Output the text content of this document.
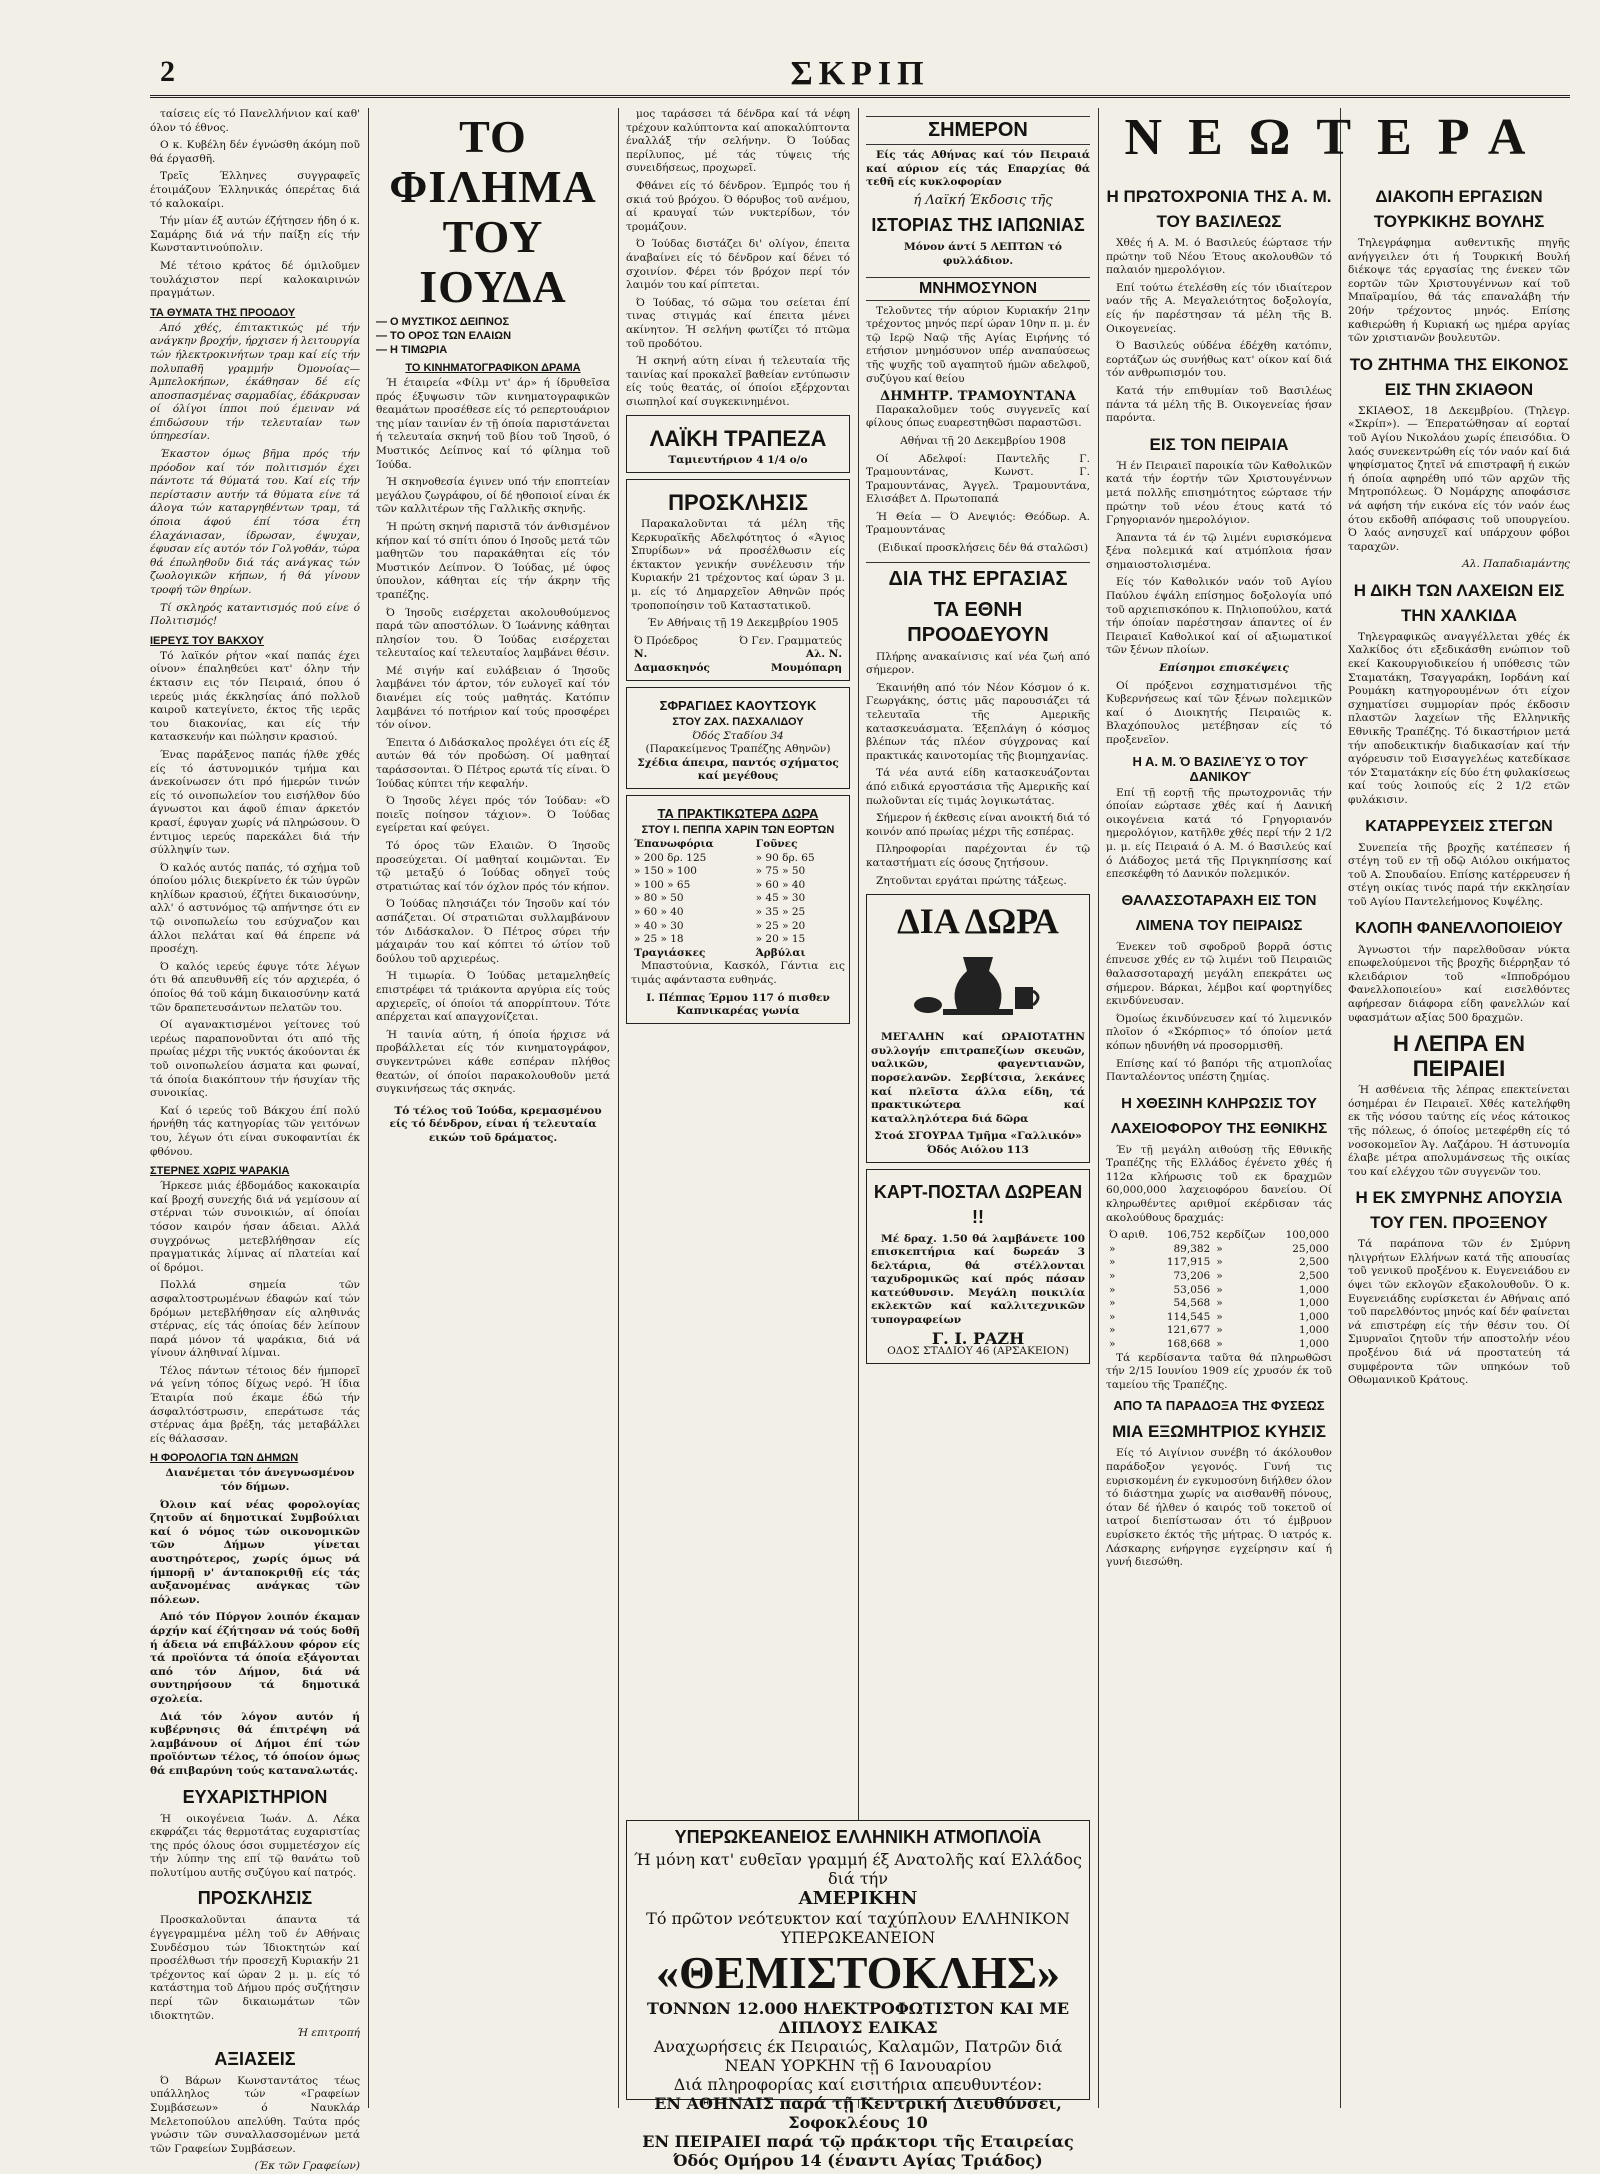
2	ΣΚΡΙΠ

ταίσεις είς τό Πανελλήνιον καί καθ' όλον τό έθνος.

Ο κ. Κυβέλη δέν έγνώσθη άκόμη ποῦ θά έργασθῆ.

Τρεῖς Έλληνες συγγραφεῖς έτοιμάζουν Έλληνικάς όπερέτας διά τό καλοκαίρι.

Τήν μίαν έξ αυτών έζήτησεν ήδη ό κ. Σαμάρης διά νά τήν παίξη είς τήν Κωνσταντινούπολιν.

Μέ τέτοιο κράτος δέ όμιλοῦμεν τουλάχιστον περί καλοκαιρινών πραγμάτων.

ΤΑ ΘΥΜΑΤΑ ΤΗΣ ΠΡΟΟΔΟΥ

Από χθές, έπιτακτικώς μέ τήν ανάγκην βροχήν, ήρχισεν ή λειτουργία τών ήλεκτροκινήτων τραμ καί είς τήν πολυπαθῆ γραμμήν Όμονοίας—Άμπελοκήπων, έκάθησαν δέ είς αποσπασμένας σαρμαδίας, έδάκρυσαν οί όλίγοι ίπποι πού έμειναν νά έπιδώσουν τήν τελευταίαν των ύπηρεσίαν.

Έκαστον όμως βῆμα πρός τήν πρόοδον καί τόν πολιτισμόν έχει πάντοτε τά θύματά του. Καί είς τήν περίστασιν αυτήν τά θύματα είνε τά άλογα τών καταργηθέντων τραμ, τά όποια άφού έπί τόσα έτη έλαχάνιασαν, ίδρωσαν, έψυχαν, έφυσαν είς αυτόν τόν Γολγοθάν, τώρα θά έπωληθοῦν διά τάς ανάγκας τών ζωολογικῶν κήπων, ή θά γίνουν τροφή τῶν θηρίων.

Τί σκληρός καταντισμός πού είνε ό Πολιτισμός!

ΙΕΡΕΥΣ ΤΟΥ ΒΑΚΧΟΥ

Τό λαϊκόν ρήτον «καί παπάς έχει οίνον» έπαληθεύει κατ' όλην τήν έκτασιν εις τόν Πειραιά, όπου ό ιερεύς μιάς έκκλησίας άπό πολλοῦ καιροῦ κατεγίνετο, έκτος τῆς ιερᾶς του διακονίας, και είς τήν κατασκευήν και πώλησιν κρασιού.

Ένας παράξενος παπάς ήλθε χθές είς τό άστυνομικόν τμήμα και άνεκοίνωσεν ότι πρό ήμερών τινών είς τό οινοπωλείον του εισήλθον δύο άγνωστοι και άφοῦ έπιαν άρκετόν κρασί, έφυγαν χωρίς νά πληρώσουν. Ό έντιμος ιερεύς παρεκάλει διά τήν σύλληψίν των.

Ό καλός αυτός παπάς, τό σχήμα τοῦ όποίου μόλις διεκρίνετο έκ τών ύγρῶν κηλίδων κρασιού, έζήτει δικαιοσύνην, αλλ' ό αστυνόμος τῷ απήντησε ότι εν τῷ οινοπωλείω του εσύχναζον και άλλοι πελάται καί θά έπρεπε νά προσέχη.

Ό καλός ιερεύς έφυγε τότε λέγων ότι θά απευθυνθῆ είς τόν αρχιερέα, ό όποίος θά τοῦ κάμη δικαιοσύνην κατά τῶν δραπετευσάντων πελατῶν του.

Οί αγανακτισμένοι γείτονες τού ιερέως παραπονοῦνται ότι από τῆς πρωίας μέχρι τῆς νυκτός άκούονται έκ τοῦ οινοπωλείου άσματα και φωναί, τά όποία διακόπτουν τήν ήσυχίαν τῆς συνοικίας.

Καί ό ιερεύς τοῦ Βάκχου έπί πολύ ήρνήθη τάς κατηγορίας τῶν γειτόνων του, λέγων ότι είναι συκοφαντίαι έκ φθόνου.

ΣΤΕΡΝΕΣ ΧΩΡΙΣ ΨΑΡΑΚΙΑ

Ήρκεσε μιάς έβδομάδος κακοκαιρία καί βροχή συνεχής διά νά γεμίσουν αί στέρναι τών συνοικιών, αί όποίαι τόσον καιρόν ήσαν άδειαι. Αλλά συγχρόνως μετεβλήθησαν είς πραγματικάς λίμνας αί πλατείαι καί οί δρόμοι.

Πολλά σημεία τῶν ασφαλτοστρωμένων έδαφών καί τών δρόμων μετεβλήθησαν είς αληθινάς στέρνας, είς τάς όποίας δέν λείπουν παρά μόνον τά ψαράκια, διά νά γίνουν άληθιναί λίμναι.

Τέλος πάντων τέτοιος δέν ήμπορεῖ νά γείνη τόπος δίχως νερό. Ή ίδια Έταιρία πού έκαμε έδώ τήν άσφαλτόστρωσιν, επεράτωσε τάς στέρνας άμα βρέξη, τάς μεταβάλλει είς θάλασσαν.

Η ΦΟΡΟΛΟΓΙΑ ΤΩΝ ΔΗΜΩΝ

Διανέμεται τόν άνεγνωσμένον τόν δήμων.

Όλοιν καί νέας φορολογίας ζητοῦν αί δημοτικαί Συμβούλιαι καί ό νόμος τών οικονομικῶν τῶν Δήμων γίνεται αυστηρότερος, χωρίς όμως νά ήμπορῇ ν' άνταποκριθῇ είς τάς αυξανομένας ανάγκας τῶν πόλεων.

Από τόν Πύργον λοιπόν έκαμαν άρχήν καί έζήτησαν νά τούς δοθῆ ή άδεια νά επιβάλλουν φόρον είς τά προϊόντα τά όποία εξάγονται από τόν Δήμον, διά νά συντηρήσουν τά δημοτικά σχολεία.

Διά τόν λόγον αυτόν ή κυβέρνησις θά έπιτρέψη νά λαμβάνουν οί Δήμοι έπί τών προϊόντων τέλος, τό όποίον όμως θά επιβαρύνη τούς καταναλωτάς.

ΕΥΧΑΡΙΣΤΗΡΙΟΝ

Ή οικογένεια Ίωάν. Δ. Λέκα εκφράζει τάς θερμοτάτας ευχαριστίας της πρός όλους όσοι συμμετέσχον είς τήν λύπην της επί τῷ θανάτω τοῦ πολυτίμου αυτῆς συζύγου καί πατρός.

ΠΡΟΣΚΛΗΣΙΣ

Προσκαλοῦνται άπαντα τά έγγεγραμμένα μέλη τοῦ έν Αθήναις Συνδέσμου τών Ίδιοκτητών καί προσέλθωσι τήν προσεχῆ Κυριακήν 21 τρέχοντος καί ώραν 2 μ. μ. είς τό κατάστημα τοῦ Δήμου πρός συζήτησιν περί τῶν δικαιωμάτων τῶν ιδιοκτητῶν.

Ή επιτροπή

ΑΞΙΑΣΕΙΣ

Ό Βάρων Κωνσταντάτος τέως υπάλληλος τών «Γραφείων Συμβάσεων» ό Ναυκλάρ Μελετοπούλου απελύθη. Ταύτα πρός γνώσιν τῶν συναλλασσομένων μετά τῶν Γραφείων Συμβάσεων.

(Έκ τῶν Γραφείων)

ΤΟ ΦΙΛΗΜΑ ΤΟΥ ΙΟΥΔΑ
— Ο ΜΥΣΤΙΚΟΣ ΔΕΙΠΝΟΣ
— ΤΟ ΟΡΟΣ ΤΩΝ ΕΛΑΙΩΝ
— Η ΤΙΜΩΡΙΑ
ΤΟ ΚΙΝΗΜΑΤΟΓΡΑΦΙΚΟΝ ΔΡΑΜΑ

Ή έταιρεία «Φίλμ ντ' άρ» ή ίδρυθεῖσα πρός έξυψωσιν τῶν κινηματογραφικῶν θεαμάτων προσέθεσε είς τό ρεπερτουάριον της μίαν ταινίαν έν τῇ όποία παριστάνεται ή τελευταία σκηνή τοῦ βίου τοῦ Ίησοῦ, ό Μυστικός Δείπνος καί τό φίλημα τοῦ Ίούδα.

Ή σκηνοθεσία έγινεν υπό τήν εποπτείαν μεγάλου ζωγράφου, οί δέ ηθοποιοί είναι έκ τῶν καλλιτέρων τῆς Γαλλικῆς σκηνῆς.

Ή πρώτη σκηνή παριστᾶ τόν άνθισμένον κήπον καί τό σπίτι όπου ό Ιησοῦς μετά τῶν μαθητῶν του παρακάθηται είς τόν Μυστικόν Δείπνον. Ό Ίούδας, μέ ύφος ύπουλον, κάθηται είς τήν άκρην τῆς τραπέζης.

Ό Ίησοῦς εισέρχεται ακολουθούμενος παρά τῶν αποστόλων. Ό Ίωάννης κάθηται πλησίον του. Ό Ίούδας εισέρχεται τελευταίος καί τελευταίος λαμβάνει θέσιν.

Μέ σιγήν καί ευλάβειαν ό Ίησοῦς λαμβάνει τόν άρτον, τόν ευλογεῖ καί τόν διανέμει είς τούς μαθητάς. Κατόπιν λαμβάνει τό ποτήριον καί τούς προσφέρει τόν οίνον.

Έπειτα ό Διδάσκαλος προλέγει ότι είς έξ αυτών θά τόν προδώση. Οί μαθηταί ταράσσονται. Ό Πέτρος ερωτά τίς είναι. Ό Ίούδας κύπτει τήν κεφαλήν.

Ό Ίησοῦς λέγει πρός τόν Ίούδαν: «Ό ποιεῖς ποίησον τάχιον». Ό Ίούδας εγείρεται καί φεύγει.

Τό όρος τῶν Ελαιῶν. Ό Ίησοῦς προσεύχεται. Οί μαθηταί κοιμῶνται. Έν τῷ μεταξύ ό Ίούδας οδηγεῖ τούς στρατιώτας καί τόν όχλον πρός τόν κήπον.

Ό Ίούδας πλησιάζει τόν Ίησοῦν καί τόν ασπάζεται. Οί στρατιῶται συλλαμβάνουν τόν Διδάσκαλον. Ό Πέτρος σύρει τήν μάχαιράν του καί κόπτει τό ώτίον τοῦ δούλου τοῦ αρχιερέως.

Ή τιμωρία. Ό Ίούδας μεταμεληθείς επιστρέφει τά τριάκοντα αργύρια είς τούς αρχιερεῖς, οί όποίοι τά απορρίπτουν. Τότε απέρχεται καί απαγχονίζεται.

Ή ταινία αύτη, ή όποία ήρχισε νά προβάλλεται είς τόν κινηματογράφον, συγκεντρώνει κάθε εσπέραν πλήθος θεατών, οί όποίοι παρακολουθοῦν μετά συγκινήσεως τάς σκηνάς.

Τό τέλος τοῦ Ίούδα, κρεμασμένου είς τό δένδρον, είναι ή τελευταία εικών τοῦ δράματος.

μος ταράσσει τά δένδρα καί τά νέφη τρέχουν καλύπτοντα καί αποκαλύπτοντα έναλλάξ τήν σελήνην. Ό Ίούδας περίλυπος, μέ τάς τύψεις τής συνειδήσεως, προχωρεῖ.

Φθάνει είς τό δένδρον. Έμπρός του ή σκιά τού βρόχου. Ό θόρυβος τοῦ ανέμου, αί κραυγαί τών νυκτερίδων, τόν τρομάζουν.

Ό Ίούδας διστάζει δι' ολίγον, έπειτα άναβαίνει είς τό δένδρον καί δένει τό σχοινίον. Φέρει τόν βρόχον περί τόν λαιμόν του καί ρίπτεται.

Ό Ίούδας, τό σῶμα του σείεται έπί τινας στιγμάς καί έπειτα μένει ακίνητον. Ή σελήνη φωτίζει τό πτῶμα τοῦ προδότου.

Ή σκηνή αύτη είναι ή τελευταία τῆς ταινίας καί προκαλεῖ βαθείαν εντύπωσιν είς τούς θεατάς, οί όποίοι εξέρχονται σιωπηλοί καί συγκεκινημένοι.

ΛΑΪΚΗ ΤΡΑΠΕΖΑ
Ταμιευτήριον 4 1/4 ο/ο
ΠΡΟΣΚΛΗΣΙΣ

Παρακαλοῦνται τά μέλη τῆς Κερκυραϊκῆς Αδελφότητος ό «Άγιος Σπυρίδων» νά προσέλθωσιν είς έκτακτον γενικήν συνέλευσιν τήν Κυριακήν 21 τρέχοντος καί ώραν 3 μ. μ. είς τό Δημαρχεῖον Αθηνῶν πρός τροποποίησιν τοῦ Καταστατικοῦ.

Έν Αθήναις τῇ 19 Δεκεμβρίου 1905

Ό Πρόεδρος	Ό Γεν. Γραμματεύς
Ν. Δαμασκηνός	Αλ. Ν. Μουμόπαρη
ΣΦΡΑΓΙΔΕΣ ΚΑΟΥΤΣΟΥΚ
ΣΤΟΥ ΖΑΧ. ΠΑΣΧΑΛΙΔΟΥ
Όδός Σταδίου 34
(Παρακείμενος Τραπέζης Αθηνῶν)
Σχέδια άπειρα, παντός σχήματος καί μεγέθους
ΤΑ ΠΡΑΚΤΙΚΩΤΕΡΑ ΔΩΡΑ
ΣΤΟΥ Ι. ΠΕΠΠΑ ΧΑΡΙΝ ΤΩΝ ΕΟΡΤΩΝ
Έπανωφόρια	Γοῦνες
» 200 δρ. 125	» 90 δρ. 65
» 150 » 100	» 75 » 50
» 100 » 65	» 60 » 40
» 80 » 50	» 45 » 30
» 60 » 40	» 35 » 25
» 40 » 30	» 25 » 20
» 25 » 18	» 20 » 15
Τραγιάσκες	Άρβύλαι

Μπαστούνια, Κασκόλ, Γάντια εις τιμάς αφάνταστα ευθηνάς.

Ι. Πέππας Έρμου 117 ό πισθεν Καπνικαρέας γωνία
ΥΠΕΡΩΚΕΑΝΕΙΟΣ ΕΛΛΗΝΙΚΗ ΑΤΜΟΠΛΟΪΑ
Ή μόνη κατ' ευθεῖαν γραμμή έξ Ανατολῆς καί Ελλάδος διά τήν
ΑΜΕΡΙΚΗΝ
Τό πρῶτον νεότευκτον καί ταχύπλουν ΕΛΛΗΝΙΚΟΝ ΥΠΕΡΩΚΕΑΝΕΙΟΝ
«ΘΕΜΙΣΤΟΚΛΗΣ»
ΤΟΝΝΩΝ 12.000 ΗΛΕΚΤΡΟΦΩΤΙΣΤΟΝ ΚΑΙ ΜΕ ΔΙΠΛΟΥΣ ΕΛΙΚΑΣ
Αναχωρήσεις έκ Πειραιώς, Καλαμῶν, Πατρῶν διά ΝΕΑΝ ΥΟΡΚΗΝ τῇ 6 Ιανουαρίου
Διά πληροφορίας καί εισιτήρια απευθυντέον:
ΕΝ ΑΘΗΝΑΙΣ παρά τῇ Κεντρική Διευθύνσει, Σοφοκλέους 10
ΕΝ ΠΕΙΡΑΙΕΙ παρά τῷ πράκτορι τῆς Εταιρείας Όδός Ομήρου 14 (έναντι Αγίας Τριάδος)
ΣΗΜΕΡΟΝ

Είς τάς Αθήνας καί τόν Πειραιά καί αύριον είς τάς Επαρχίας θά τεθῆ είς κυκλοφορίαν

ή Λαϊκή Έκδοσις τῆς

ΙΣΤΟΡΙΑΣ ΤΗΣ ΙΑΠΩΝΙΑΣ

Μόνον άντί 5 ΛΕΠΤΩΝ τό φυλλάδιον.

ΜΝΗΜΟΣΥΝΟΝ

Τελοῦντες τήν αύριον Κυριακήν 21ην τρέχοντος μηνός περί ώραν 10ην π. μ. έν τῷ Ιερῷ Ναῷ τῆς Αγίας Ειρήνης τό ετήσιον μνημόσυνον υπέρ αναπαύσεως τῆς ψυχῆς τοῦ αγαπητοῦ ήμῶν αδελφοῦ, συζύγου καί θείου

ΔΗΜΗΤΡ. ΤΡΑΜΟΥΝΤΑΝΑ

Παρακαλοῦμεν τούς συγγενεῖς καί φίλους όπως ευαρεστηθῶσι παραστῶσι.

Αθήναι τῇ 20 Δεκεμβρίου 1908

Οί Αδελφοί: Παντελῆς Γ. Τραμουντάνας, Κωνστ. Γ. Τραμουντάνας, Άγγελ. Τραμουντάνα, Ελισάβετ Δ. Πρωτοπαπά

Ή Θεία — Ό Ανεψιός: Θεόδωρ. Α. Τραμουντάνας

(Ειδικαί προσκλήσεις δέν θά σταλῶσι)

ΔΙΑ ΤΗΣ ΕΡΓΑΣΙΑΣ
ΤΑ ΕΘΝΗ ΠΡΟΟΔΕΥΟΥΝ

Πλήρης ανακαίνισις καί νέα ζωή από σήμερον.

Έκαινήθη από τόν Νέον Κόσμον ό κ. Γεωργάκης, όστις μᾶς παρουσιάζει τά τελευταῖα τῆς Αμερικῆς κατασκευάσματα. Έξεπλάγη ό κόσμος βλέπων τάς πλέον σύγχρονας καί πρακτικάς καινοτομίας τῆς βιομηχανίας.

Τά νέα αυτά είδη κατασκευάζονται άπό ειδικά εργοστάσια τῆς Αμερικῆς καί πωλοῦνται είς τιμάς λογικωτάτας.

Σήμερον ή έκθεσις είναι ανοικτή διά τό κοινόν από πρωίας μέχρι τῆς εσπέρας.

Πληροφορίαι παρέχονται έν τῷ καταστήματι είς όσους ζητήσουν.

Ζητοῦνται εργάται πρώτης τάξεως.

ΔΙΑ ΔΩΡΑ

ΜΕΓΑΛΗΝ καί ΩΡΑΙΟΤΑΤΗΝ συλλογήν επιτραπεζίων σκευῶν, υαλικῶν, φαγεντιανῶν, πορσελανῶν. Σερβίτσια, λεκάνες καί πλεῖστα άλλα είδη, τά πρακτικώτερα καί καταλληλότερα διά δῶρα

Στοά ΣΓΟΥΡΔΑ Τμῆμα «Γαλλικόν» Όδός Αιόλου 113
ΚΑΡΤ-ΠΟΣΤΑΛ ΔΩΡΕΑΝ !!

Μέ δραχ. 1.50 θά λαμβάνετε 100 επισκεπτήρια καί δωρεάν 3 δελτάρια, θά στέλλονται ταχυδρομικῶς καί πρός πάσαν κατεύθυνσιν. Μεγάλη ποικιλία εκλεκτῶν καί καλλιτεχνικῶν τυπογραφείων

Γ. Ι. ΡΑΖΗ
ΟΔΟΣ ΣΤΑΔΙΟΥ 46 (ΑΡΣΑΚΕΙΟΝ)
ΝΕΩΤΕΡΑ
Η ΠΡΩΤΟΧΡΟΝΙΑ ΤΗΣ Α. Μ. ΤΟΥ ΒΑΣΙΛΕΩΣ

Χθές ή Α. Μ. ό Βασιλεύς έώρτασε τήν πρώτην τοῦ Νέου Έτους ακολουθῶν τό παλαιόν ημερολόγιον.

Επί τούτω έτελέσθη είς τόν ιδιαίτερον ναόν τῆς Α. Μεγαλειότητος δοξολογία, είς ήν παρέστησαν τά μέλη τῆς Β. Οικογενείας.

Ό Βασιλεύς ούδένα έδέχθη κατόπιν, εορτάζων ώς συνήθως κατ' οίκον καί διά τόν ανθρωπισμόν του.

Κατά τήν επιθυμίαν τοῦ Βασιλέως πάντα τά μέλη τῆς Β. Οικογενείας ήσαν παρόντα.

ΕΙΣ ΤΟΝ ΠΕΙΡΑΙΑ

Ή έν Πειραιεῖ παροικία τῶν Καθολικῶν κατά τήν έορτήν τῶν Χριστουγέννων μετά πολλῆς επισημότητος εώρτασε τήν πρώτην τοῦ νέου έτους κατά τό Γρηγοριανόν ημερολόγιον.

Άπαντα τά έν τῷ λιμένι ευρισκόμενα ξένα πολεμικά καί ατμόπλοια ήσαν σημαιοστολισμένα.

Είς τόν Καθολικόν ναόν τοῦ Αγίου Παύλου έψάλη επίσημος δοξολογία υπό τοῦ αρχιεπισκόπου κ. Πηλιοπούλου, κατά τήν όποίαν παρέστησαν άπαντες οί έν Πειραιεῖ Καθολικοί καί οί αξιωματικοί τῶν ξένων πλοίων.

Επίσημοι επισκέψεις

Οί πρόξενοι εσχηματισμένοι τῆς Κυβερνήσεως καί τῶν ξένων πολεμικῶν καί ό Διοικητής Πειραιῶς κ. Βλαχόπουλος μετέβησαν είς τό προξενεῖον.

Η Α. Μ. Ό ΒΑΣΙΛΕΎΣ Ό ΤΟΥ͂ ΔΑΝΙΚΟΥ͂

Επί τῇ εορτῇ τῆς πρωτοχρονιᾶς τήν όποίαν εώρτασε χθές καί ή Δανική οικογένεια κατά τό Γρηγοριανόν ημερολόγιον, κατῆλθε χθές περί τήν 2 1/2 μ. μ. είς Πειραιά ό Α. Μ. ό Βασιλεύς καί ό Διάδοχος μετά τῆς Πριγκηπίσσης καί επεσκέφθη τό Δανικόν πολεμικόν.

ΘΑΛΑΣΣΟΤΑΡΑΧΗ ΕΙΣ ΤΟΝ ΛΙΜΕΝΑ ΤΟΥ ΠΕΙΡΑΙΩΣ

Ένεκεν τοῦ σφοδροῦ βορρᾶ όστις έπνευσε χθές εν τῷ λιμένι τοῦ Πειραιῶς θαλασσοταραχή μεγάλη επεκράτει ως σήμερον. Βάρκαι, λέμβοι καί φορτηγίδες εκινδύνευσαν.

Όμοίως έκινδύνευσεν καί τό λιμενικόν πλοῖον ό «Σκόρπιος» τό όποίον μετά κόπων ηδυνήθη νά προσορμισθῆ.

Επίσης καί τό βαπόρι τῆς ατμοπλοΐας Πανταλέοντος υπέστη ζημίας.

Η ΧΘΕΣΙΝΗ ΚΛΗΡΩΣΙΣ ΤΟΥ ΛΑΧΕΙΟΦΟΡΟΥ ΤΗΣ ΕΘΝΙΚΗΣ

Έν τῇ μεγάλη αιθούσῃ τῆς Εθνικῆς Τραπέζης τῆς Ελλάδος έγένετο χθές ή 112α κλήρωσις τοῦ εκ δραχμῶν 60,000,000 λαχειοφόρου δανείου. Οί κληρωθέντες αριθμοί εκέρδισαν τάς ακολούθους δραχμάς:

Ό αριθ.	106,752	κερδίζων	100,000
»	89,382	»	25,000
»	117,915	»	2,500
»	73,206	»	2,500
»	53,056	»	1,000
»	54,568	»	1,000
»	114,545	»	1,000
»	121,677	»	1,000
»	168,668	»	1,000

Τά κερδίσαντα ταῦτα θά πληρωθῶσι τήν 2/15 Ιουνίου 1909 είς χρυσόν έκ τοῦ ταμείου τῆς Τραπέζης.

ΑΠΟ ΤΑ ΠΑΡΑΔΟΞΑ ΤΗΣ ΦΥΣΕΩΣ
ΜΙΑ ΕΞΩΜΗΤΡΙΟΣ ΚΥΗΣΙΣ

Είς τό Αιγίνιον συνέβη τό άκόλουθον παράδοξον γεγονός. Γυνή τις ευρισκομένη έν εγκυμοσύνη διήλθεν όλον τό διάστημα χωρίς να αισθανθῆ πόνους, όταν δέ ήλθεν ό καιρός τοῦ τοκετοῦ οί ιατροί διεπίστωσαν ότι τό έμβρυον ευρίσκετο έκτός τῆς μήτρας. Ό ιατρός κ. Λάσκαρης ενήργησε εγχείρησιν καί ή γυνή διεσώθη.

ΔΙΑΚΟΠΗ ΕΡΓΑΣΙΩΝ ΤΟΥΡΚΙΚΗΣ ΒΟΥΛΗΣ

Τηλεγράφημα αυθεντικῆς πηγῆς ανήγγειλεν ότι ή Τουρκική Βουλή διέκοψε τάς εργασίας της ένεκεν τῶν εορτῶν τῶν Χριστουγέννων καί τοῦ Μπαϊραμίου, θά τάς επαναλάβη τήν 20ήν τρέχοντος μηνός. Επίσης καθιερώθη ή Κυριακή ως ημέρα αργίας τῶν χριστιανῶν βουλευτῶν.

ΤΟ ΖΗΤΗΜΑ ΤΗΣ ΕΙΚΟΝΟΣ ΕΙΣ ΤΗΝ ΣΚΙΑΘΟΝ

ΣΚΙΑΘΟΣ, 18 Δεκεμβρίου. (Τηλεγρ. «Σκρίπ»). — Έπερατώθησαν αί εορταί τοῦ Αγίου Νικολάου χωρίς έπεισόδια. Ό λαός συνεκεντρώθη είς τόν ναόν καί διά ψηφίσματος ζητεῖ νά επιστραφῆ ή εικών ή όποία αφηρέθη υπό τῶν αρχῶν τῆς Μητροπόλεως. Ό Νομάρχης αποφάσισε νά αφήση τήν εικόνα είς τόν ναόν έως ότου εκδοθῆ απόφασις τοῦ υπουργείου. Ό λαός ανησυχεῖ καί υπάρχουν φόβοι ταραχῶν.

Αλ. Παπαδιαμάντης

Η ΔΙΚΗ ΤΩΝ ΛΑΧΕΙΩΝ ΕΙΣ ΤΗΝ ΧΑΛΚΙΔΑ

Τηλεγραφικῶς αναγγέλλεται χθές έκ Χαλκίδος ότι εξεδικάσθη ενώπιον τοῦ εκεί Κακουργιοδικείου ή υπόθεσις τῶν Σταματάκη, Τσαγγαράκη, Ιορδάνη καί Ρουμάκη κατηγορουμένων ότι είχον σχηματίσει συμμορίαν πρός έκδοσιν πλαστῶν λαχείων τῆς Ελληνικῆς Εθνικῆς Τραπέζης. Τό δικαστήριον μετά τήν αποδεικτικήν διαδικασίαν καί τήν αγόρευσιν τοῦ Εισαγγελέως κατεδίκασε τόν Σταματάκην είς δύο έτη φυλακίσεως καί τούς λοιπούς είς 2 1/2 ετῶν φυλάκισιν.

ΚΑΤΑΡΡΕΥΣΕΙΣ ΣΤΕΓΩΝ

Συνεπεία τῆς βροχῆς κατέπεσεν ή στέγη τοῦ εν τῇ οδῷ Αιόλου οικήματος τοῦ Α. Σπουδαίου. Επίσης κατέρρευσεν ή στέγη οικίας τινός παρά τήν εκκλησίαν τοῦ Αγίου Παντελεήμονος Κυψέλης.

ΚΛΟΠΗ ΦΑΝΕΛΛΟΠΟΙΕΙΟΥ

Άγνωστοι τήν παρελθοῦσαν νύκτα επωφελούμενοι τῆς βροχῆς διέρρηξαν τό κλειδάριον τοῦ «Ιπποδρόμου Φανελλοποιείου» καί εισελθόντες αφήρεσαν διάφορα είδη φανελλών καί υφασμάτων αξίας 500 δραχμῶν.

Η ΛΕΠΡΑ ΕΝ ΠΕΙΡΑΙΕΙ

Ή ασθένεια τῆς λέπρας επεκτείνεται όσημέραι έν Πειραιεῖ. Χθές κατελήφθη εκ τῆς νόσου ταύτης είς νέος κάτοικος τῆς πόλεως, ό όποίος μετεφέρθη είς τό νοσοκομεῖον Άγ. Λαζάρου. Ή άστυνομία έλαβε μέτρα απολυμάνσεως τῆς οικίας του καί ελέγχου τῶν συγγενῶν του.

Η ΕΚ ΣΜΥΡΝΗΣ ΑΠΟΥΣΙΑ ΤΟΥ ΓΕΝ. ΠΡΟΞΕΝΟΥ

Τά παράπονα τῶν έν Σμύρνη ηλιγρήτων Ελλήνων κατά τῆς απουσίας τοῦ γενικοῦ προξένου κ. Ευγενειάδου εν όψει τῶν εκλογῶν εξακολουθοῦν. Ό κ. Ευγενειάδης ευρίσκεται έν Αθήναις από τοῦ παρελθόντος μηνός καί δέν φαίνεται νά επιστρέφη είς τήν θέσιν του. Οί Σμυρναῖοι ζητοῦν τήν αποστολήν νέου προξένου διά νά προστατεύη τά συμφέροντα τῶν υπηκόων τοῦ Οθωμανικοῦ Κράτους.
